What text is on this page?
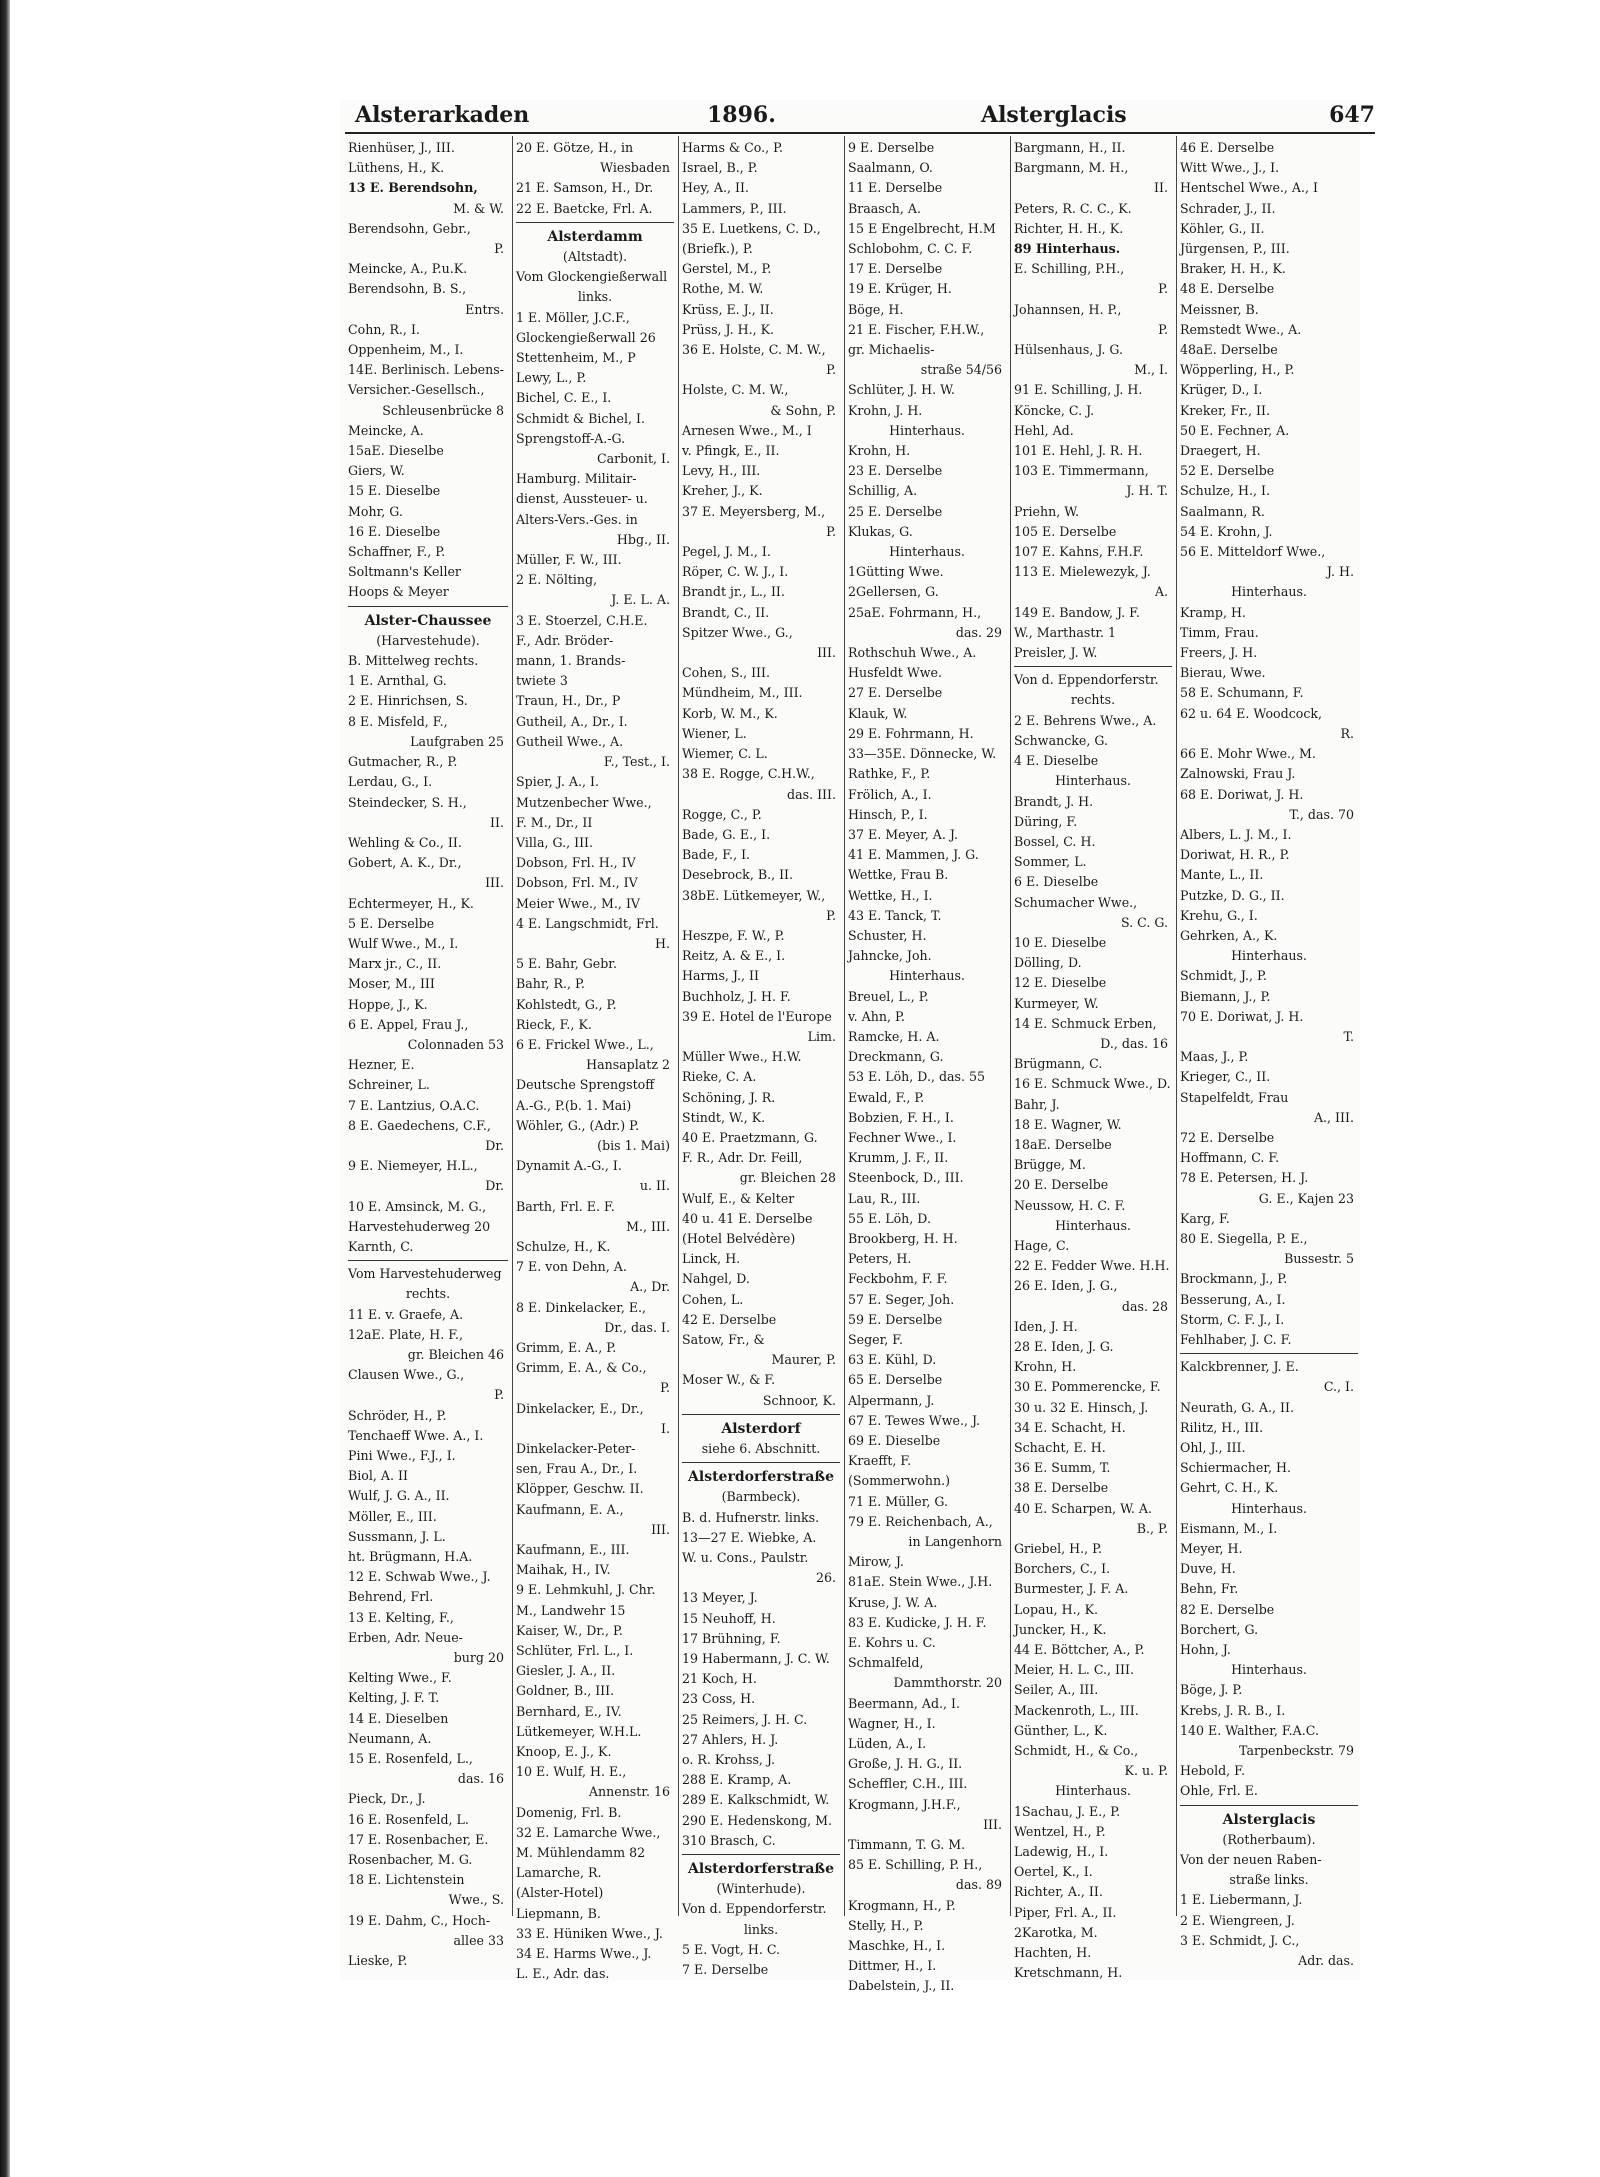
Alsterarkaden	1896.	Alsterglacis	647
Rienhüser, J., III.
Lüthens, H., K.
13 E. Berendsohn,
M. & W.
Berendsohn, Gebr.,
P.
Meincke, A., P.u.K.
Berendsohn, B. S.,
Entrs.
Cohn, R., I.
Oppenheim, M., I.
14E. Berlinisch. Lebens-
Versicher.-Gesellsch.,
Schleusenbrücke 8
Meincke, A.
15aE. Dieselbe
Giers, W.
15 E. Dieselbe
Mohr, G.
16 E. Dieselbe
Schaffner, F., P.
Soltmann's Keller
Hoops & Meyer
Alster-Chaussee
(Harvestehude).
B. Mittelweg rechts.
1 E. Arnthal, G.
2 E. Hinrichsen, S.
8 E. Misfeld, F.,
Laufgraben 25
Gutmacher, R., P.
Lerdau, G., I.
Steindecker, S. H.,
II.
Wehling & Co., II.
Gobert, A. K., Dr.,
III.
Echtermeyer, H., K.
5 E. Derselbe
Wulf Wwe., M., I.
Marx jr., C., II.
Moser, M., III
Hoppe, J., K.
6 E. Appel, Frau J.,
Colonnaden 53
Hezner, E.
Schreiner, L.
7 E. Lantzius, O.A.C.
8 E. Gaedechens, C.F.,
Dr.
9 E. Niemeyer, H.L.,
Dr.
10 E. Amsinck, M. G.,
Harvestehuderweg 20
Karnth, C.
Vom Harvestehuderweg
rechts.
11 E. v. Graefe, A.
12aE. Plate, H. F.,
gr. Bleichen 46
Clausen Wwe., G.,
P.
Schröder, H., P.
Tenchaeff Wwe. A., I.
Pini Wwe., F.J., I.
Biol, A. II
Wulf, J. G. A., II.
Möller, E., III.
Sussmann, J. L.
ht. Brügmann, H.A.
12 E. Schwab Wwe., J.
Behrend, Frl.
13 E. Kelting, F.,
Erben, Adr. Neue-
burg 20
Kelting Wwe., F.
Kelting, J. F. T.
14 E. Dieselben
Neumann, A.
15 E. Rosenfeld, L.,
das. 16
Pieck, Dr., J.
16 E. Rosenfeld, L.
17 E. Rosenbacher, E.
Rosenbacher, M. G.
18 E. Lichtenstein
Wwe., S.
19 E. Dahm, C., Hoch-
allee 33
Lieske, P.
20 E. Götze, H., in
Wiesbaden
21 E. Samson, H., Dr.
22 E. Baetcke, Frl. A.
Alsterdamm
(Altstadt).
Vom Glockengießerwall
links.
1 E. Möller, J.C.F.,
Glockengießerwall 26
Stettenheim, M., P
Lewy, L., P.
Bichel, C. E., I.
Schmidt & Bichel, I.
Sprengstoff-A.-G.
Carbonit, I.
Hamburg. Militair-
dienst, Aussteuer- u.
Alters-Vers.-Ges. in
Hbg., II.
Müller, F. W., III.
2 E. Nölting,
J. E. L. A.
3 E. Stoerzel, C.H.E.
F., Adr. Bröder-
mann, 1. Brands-
twiete 3
Traun, H., Dr., P
Gutheil, A., Dr., I.
Gutheil Wwe., A.
F., Test., I.
Spier, J. A., I.
Mutzenbecher Wwe.,
F. M., Dr., II
Villa, G., III.
Dobson, Frl. H., IV
Dobson, Frl. M., IV
Meier Wwe., M., IV
4 E. Langschmidt, Frl.
H.
5 E. Bahr, Gebr.
Bahr, R., P.
Kohlstedt, G., P.
Rieck, F., K.
6 E. Frickel Wwe., L.,
Hansaplatz 2
Deutsche Sprengstoff
A.-G., P.(b. 1. Mai)
Wöhler, G., (Adr.) P.
(bis 1. Mai)
Dynamit A.-G., I.
u. II.
Barth, Frl. E. F.
M., III.
Schulze, H., K.
7 E. von Dehn, A.
A., Dr.
8 E. Dinkelacker, E.,
Dr., das. I.
Grimm, E. A., P.
Grimm, E. A., & Co.,
P.
Dinkelacker, E., Dr.,
I.
Dinkelacker-Peter-
sen, Frau A., Dr., I.
Klöpper, Geschw. II.
Kaufmann, E. A.,
III.
Kaufmann, E., III.
Maihak, H., IV.
9 E. Lehmkuhl, J. Chr.
M., Landwehr 15
Kaiser, W., Dr., P.
Schlüter, Frl. L., I.
Giesler, J. A., II.
Goldner, B., III.
Bernhard, E., IV.
Lütkemeyer, W.H.L.
Knoop, E. J., K.
10 E. Wulf, H. E.,
Annenstr. 16
Domenig, Frl. B.
32 E. Lamarche Wwe.,
M. Mühlendamm 82
Lamarche, R.
(Alster-Hotel)
Liepmann, B.
33 E. Hüniken Wwe., J.
34 E. Harms Wwe., J.
L. E., Adr. das.
Harms & Co., P.
Israel, B., P.
Hey, A., II.
Lammers, P., III.
35 E. Luetkens, C. D.,
(Briefk.), P.
Gerstel, M., P.
Rothe, M. W.
Krüss, E. J., II.
Prüss, J. H., K.
36 E. Holste, C. M. W.,
P.
Holste, C. M. W.,
& Sohn, P.
Arnesen Wwe., M., I
v. Pfingk, E., II.
Levy, H., III.
Kreher, J., K.
37 E. Meyersberg, M.,
P.
Pegel, J. M., I.
Röper, C. W. J., I.
Brandt jr., L., II.
Brandt, C., II.
Spitzer Wwe., G.,
III.
Cohen, S., III.
Mündheim, M., III.
Korb, W. M., K.
Wiener, L.
Wiemer, C. L.
38 E. Rogge, C.H.W.,
das. III.
Rogge, C., P.
Bade, G. E., I.
Bade, F., I.
Desebrock, B., II.
38bE. Lütkemeyer, W.,
P.
Heszpe, F. W., P.
Reitz, A. & E., I.
Harms, J., II
Buchholz, J. H. F.
39 E. Hotel de l'Europe
Lim.
Müller Wwe., H.W.
Rieke, C. A.
Schöning, J. R.
Stindt, W., K.
40 E. Praetzmann, G.
F. R., Adr. Dr. Feill,
gr. Bleichen 28
Wulf, E., & Kelter
40 u. 41 E. Derselbe
(Hotel Belvédère)
Linck, H.
Nahgel, D.
Cohen, L.
42 E. Derselbe
Satow, Fr., &
Maurer, P.
Moser W., & F.
Schnoor, K.
Alsterdorf
siehe 6. Abschnitt.
Alsterdorferstraße
(Barmbeck).
B. d. Hufnerstr. links.
13—27 E. Wiebke, A.
W. u. Cons., Paulstr.
26.
13 Meyer, J.
15 Neuhoff, H.
17 Brühning, F.
19 Habermann, J. C. W.
21 Koch, H.
23 Coss, H.
25 Reimers, J. H. C.
27 Ahlers, H. J.
o. R. Krohss, J.
288 E. Kramp, A.
289 E. Kalkschmidt, W.
290 E. Hedenskong, M.
310 Brasch, C.
Alsterdorferstraße
(Winterhude).
Von d. Eppendorferstr.
links.
5 E. Vogt, H. C.
7 E. Derselbe
9 E. Derselbe
Saalmann, O.
11 E. Derselbe
Braasch, A.
15 E Engelbrecht, H.M
Schlobohm, C. C. F.
17 E. Derselbe
19 E. Krüger, H.
Böge, H.
21 E. Fischer, F.H.W.,
gr. Michaelis-
straße 54/56
Schlüter, J. H. W.
Krohn, J. H.
Hinterhaus.
Krohn, H.
23 E. Derselbe
Schillig, A.
25 E. Derselbe
Klukas, G.
Hinterhaus.
1Gütting Wwe.
2Gellersen, G.
25aE. Fohrmann, H.,
das. 29
Rothschuh Wwe., A.
Husfeldt Wwe.
27 E. Derselbe
Klauk, W.
29 E. Fohrmann, H.
33—35E. Dönnecke, W.
Rathke, F., P.
Frölich, A., I.
Hinsch, P., I.
37 E. Meyer, A. J.
41 E. Mammen, J. G.
Wettke, Frau B.
Wettke, H., I.
43 E. Tanck, T.
Schuster, H.
Jahncke, Joh.
Hinterhaus.
Breuel, L., P.
v. Ahn, P.
Ramcke, H. A.
Dreckmann, G.
53 E. Löh, D., das. 55
Ewald, F., P.
Bobzien, F. H., I.
Fechner Wwe., I.
Krumm, J. F., II.
Steenbock, D., III.
Lau, R., III.
55 E. Löh, D.
Brookberg, H. H.
Peters, H.
Feckbohm, F. F.
57 E. Seger, Joh.
59 E. Derselbe
Seger, F.
63 E. Kühl, D.
65 E. Derselbe
Alpermann, J.
67 E. Tewes Wwe., J.
69 E. Dieselbe
Kraefft, F.
(Sommerwohn.)
71 E. Müller, G.
79 E. Reichenbach, A.,
in Langenhorn
Mirow, J.
81aE. Stein Wwe., J.H.
Kruse, J. W. A.
83 E. Kudicke, J. H. F.
E. Kohrs u. C.
Schmalfeld,
Dammthorstr. 20
Beermann, Ad., I.
Wagner, H., I.
Lüden, A., I.
Große, J. H. G., II.
Scheffler, C.H., III.
Krogmann, J.H.F.,
III.
Timmann, T. G. M.
85 E. Schilling, P. H.,
das. 89
Krogmann, H., P.
Stelly, H., P.
Maschke, H., I.
Dittmer, H., I.
Dabelstein, J., II.
Bargmann, H., II.
Bargmann, M. H.,
II.
Peters, R. C. C., K.
Richter, H. H., K.
89 Hinterhaus.
E. Schilling, P.H.,
P.
Johannsen, H. P.,
P.
Hülsenhaus, J. G.
M., I.
91 E. Schilling, J. H.
Köncke, C. J.
Hehl, Ad.
101 E. Hehl, J. R. H.
103 E. Timmermann,
J. H. T.
Priehn, W.
105 E. Derselbe
107 E. Kahns, F.H.F.
113 E. Mielewezyk, J.
A.
149 E. Bandow, J. F.
W., Marthastr. 1
Preisler, J. W.
Von d. Eppendorferstr.
rechts.
2 E. Behrens Wwe., A.
Schwancke, G.
4 E. Dieselbe
Hinterhaus.
Brandt, J. H.
Düring, F.
Bossel, C. H.
Sommer, L.
6 E. Dieselbe
Schumacher Wwe.,
S. C. G.
10 E. Dieselbe
Dölling, D.
12 E. Dieselbe
Kurmeyer, W.
14 E. Schmuck Erben,
D., das. 16
Brügmann, C.
16 E. Schmuck Wwe., D.
Bahr, J.
18 E. Wagner, W.
18aE. Derselbe
Brügge, M.
20 E. Derselbe
Neussow, H. C. F.
Hinterhaus.
Hage, C.
22 E. Fedder Wwe. H.H.
26 E. Iden, J. G.,
das. 28
Iden, J. H.
28 E. Iden, J. G.
Krohn, H.
30 E. Pommerencke, F.
30 u. 32 E. Hinsch, J.
34 E. Schacht, H.
Schacht, E. H.
36 E. Summ, T.
38 E. Derselbe
40 E. Scharpen, W. A.
B., P.
Griebel, H., P.
Borchers, C., I.
Burmester, J. F. A.
Lopau, H., K.
Juncker, H., K.
44 E. Böttcher, A., P.
Meier, H. L. C., III.
Seiler, A., III.
Mackenroth, L., III.
Günther, L., K.
Schmidt, H., & Co.,
K. u. P.
Hinterhaus.
1Sachau, J. E., P.
Wentzel, H., P.
Ladewig, H., I.
Oertel, K., I.
Richter, A., II.
Piper, Frl. A., II.
2Karotka, M.
Hachten, H.
Kretschmann, H.
46 E. Derselbe
Witt Wwe., J., I.
Hentschel Wwe., A., I
Schrader, J., II.
Köhler, G., II.
Jürgensen, P., III.
Braker, H. H., K.
48 E. Derselbe
Meissner, B.
Remstedt Wwe., A.
48aE. Derselbe
Wöpperling, H., P.
Krüger, D., I.
Kreker, Fr., II.
50 E. Fechner, A.
Draegert, H.
52 E. Derselbe
Schulze, H., I.
Saalmann, R.
54 E. Krohn, J.
56 E. Mitteldorf Wwe.,
J. H.
Hinterhaus.
Kramp, H.
Timm, Frau.
Freers, J. H.
Bierau, Wwe.
58 E. Schumann, F.
62 u. 64 E. Woodcock,
R.
66 E. Mohr Wwe., M.
Zalnowski, Frau J.
68 E. Doriwat, J. H.
T., das. 70
Albers, L. J. M., I.
Doriwat, H. R., P.
Mante, L., II.
Putzke, D. G., II.
Krehu, G., I.
Gehrken, A., K.
Hinterhaus.
Schmidt, J., P.
Biemann, J., P.
70 E. Doriwat, J. H.
T.
Maas, J., P.
Krieger, C., II.
Stapelfeldt, Frau
A., III.
72 E. Derselbe
Hoffmann, C. F.
78 E. Petersen, H. J.
G. E., Kajen 23
Karg, F.
80 E. Siegella, P. E.,
Bussestr. 5
Brockmann, J., P.
Besserung, A., I.
Storm, C. F. J., I.
Fehlhaber, J. C. F.
Kalckbrenner, J. E.
C., I.
Neurath, G. A., II.
Rilitz, H., III.
Ohl, J., III.
Schiermacher, H.
Gehrt, C. H., K.
Hinterhaus.
Eismann, M., I.
Meyer, H.
Duve, H.
Behn, Fr.
82 E. Derselbe
Borchert, G.
Hohn, J.
Hinterhaus.
Böge, J. P.
Krebs, J. R. B., I.
140 E. Walther, F.A.C.
Tarpenbeckstr. 79
Hebold, F.
Ohle, Frl. E.
Alsterglacis
(Rotherbaum).
Von der neuen Raben-
straße links.
1 E. Liebermann, J.
2 E. Wiengreen, J.
3 E. Schmidt, J. C.,
Adr. das.
